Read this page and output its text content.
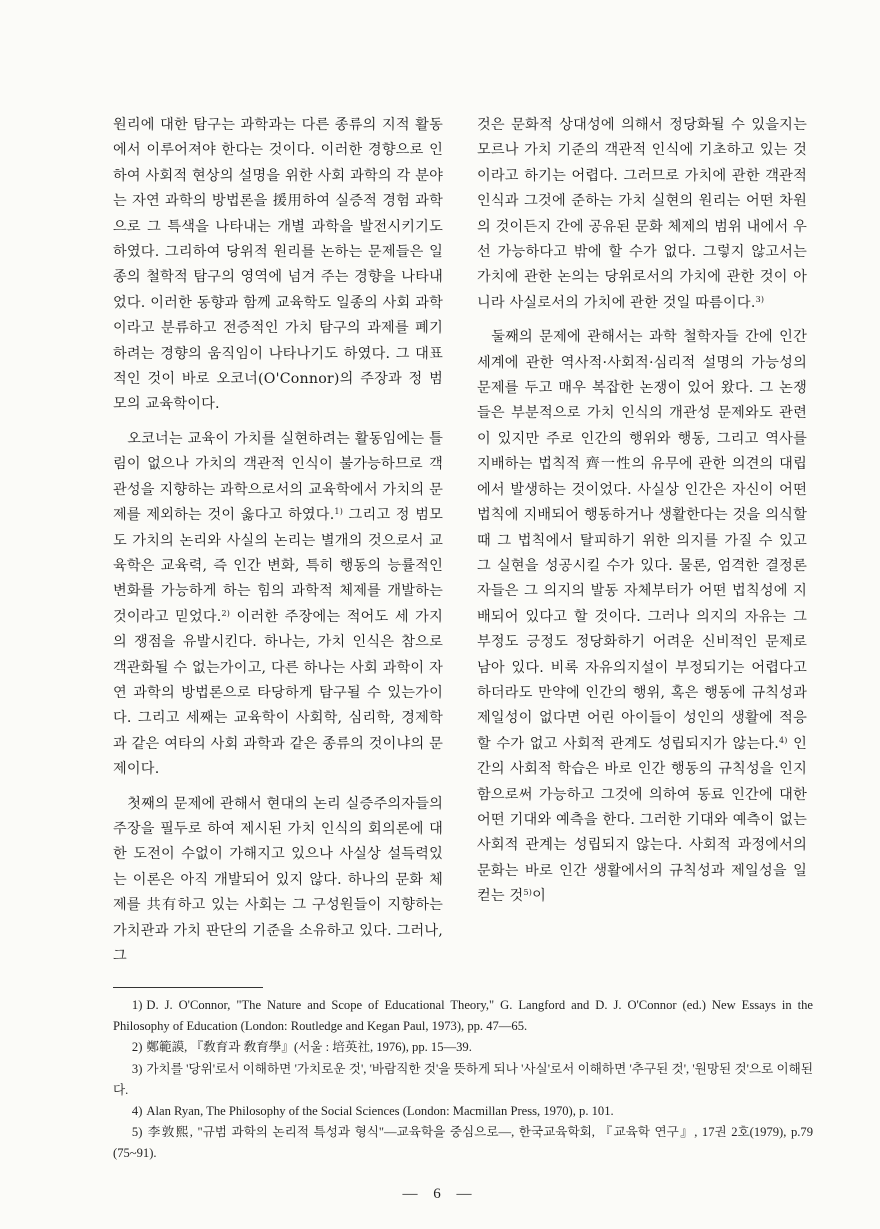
원리에 대한 탐구는 과학과는 다른 종류의 지적 활동에서 이루어져야 한다는 것이다. 이러한 경향으로 인하여 사회적 현상의 설명을 위한 사회 과학의 각 분야는 자연 과학의 방법론을 援用하여 실증적 경험 과학으로 그 특색을 나타내는 개별 과학을 발전시키기도 하였다. 그리하여 당위적 원리를 논하는 문제들은 일종의 철학적 탐구의 영역에 넘겨 주는 경향을 나타내었다. 이러한 동향과 함께 교육학도 일종의 사회 과학이라고 분류하고 전증적인 가치 탐구의 과제를 폐기하려는 경향의 움직임이 나타나기도 하였다. 그 대표적인 것이 바로 오코너(O'Connor)의 주장과 정 범모의 교육학이다.

오코너는 교육이 가치를 실현하려는 활동임에는 틀림이 없으나 가치의 객관적 인식이 불가능하므로 객관성을 지향하는 과학으로서의 교육학에서 가치의 문제를 제외하는 것이 옳다고 하였다.$^{1)}$ 그리고 정 범모도 가치의 논리와 사실의 논리는 별개의 것으로서 교육학은 교육력, 즉 인간 변화, 특히 행동의 능률적인 변화를 가능하게 하는 힘의 과학적 체제를 개발하는 것이라고 믿었다.$^{2)}$ 이러한 주장에는 적어도 세 가지의 쟁점을 유발시킨다. 하나는, 가치 인식은 참으로 객관화될 수 없는가이고, 다른 하나는 사회 과학이 자연 과학의 방법론으로 타당하게 탐구될 수 있는가이다. 그리고 세째는 교육학이 사회학, 심리학, 경제학과 같은 여타의 사회 과학과 같은 종류의 것이냐의 문제이다.

첫째의 문제에 관해서 현대의 논리 실증주의자들의 주장을 필두로 하여 제시된 가치 인식의 회의론에 대한 도전이 수없이 가해지고 있으나 사실상 설득력있는 이론은 아직 개발되어 있지 않다. 하나의 문화 체제를 共有하고 있는 사회는 그 구성원들이 지향하는 가치관과 가치 판단의 기준을 소유하고 있다. 그러나, 그

것은 문화적 상대성에 의해서 정당화될 수 있을지는 모르나 가치 기준의 객관적 인식에 기초하고 있는 것이라고 하기는 어렵다. 그러므로 가치에 관한 객관적 인식과 그것에 준하는 가치 실현의 원리는 어떤 차원의 것이든지 간에 공유된 문화 체제의 범위 내에서 우선 가능하다고 밖에 할 수가 없다. 그렇지 않고서는 가치에 관한 논의는 당위로서의 가치에 관한 것이 아니라 사실로서의 가치에 관한 것일 따름이다.$^{3)}$

둘째의 문제에 관해서는 과학 철학자들 간에 인간 세계에 관한 역사적·사회적·심리적 설명의 가능성의 문제를 두고 매우 복잡한 논쟁이 있어 왔다. 그 논쟁들은 부분적으로 가치 인식의 개관성 문제와도 관련이 있지만 주로 인간의 행위와 행동, 그리고 역사를 지배하는 법칙적 齊一性의 유무에 관한 의견의 대립에서 발생하는 것이었다. 사실상 인간은 자신이 어떤 법칙에 지배되어 행동하거나 생활한다는 것을 의식할 때 그 법칙에서 탈피하기 위한 의지를 가질 수 있고 그 실현을 성공시킬 수가 있다. 물론, 엄격한 결정론자들은 그 의지의 발동 자체부터가 어떤 법칙성에 지배되어 있다고 할 것이다. 그러나 의지의 자유는 그 부정도 긍정도 정당화하기 어려운 신비적인 문제로 남아 있다. 비록 자유의지설이 부정되기는 어렵다고 하더라도 만약에 인간의 행위, 혹은 행동에 규칙성과 제일성이 없다면 어린 아이들이 성인의 생활에 적응할 수가 없고 사회적 관계도 성립되지가 않는다.$^{4)}$ 인간의 사회적 학습은 바로 인간 행동의 규칙성을 인지함으로써 가능하고 그것에 의하여 동료 인간에 대한 어떤 기대와 예측을 한다. 그러한 기대와 예측이 없는 사회적 관계는 성립되지 않는다. 사회적 과정에서의 문화는 바로 인간 생활에서의 규칙성과 제일성을 일컫는 것$^{5)}$이

1) D. J. O'Connor, "The Nature and Scope of Educational Theory," G. Langford and D. J. O'Connor (ed.) New Essays in the Philosophy of Education (London: Routledge and Kegan Paul, 1973), pp. 47—65.

2) 鄭範謨, 『敎育과 敎育學』(서울 : 培英社, 1976), pp. 15—39.

3) 가치를 '당위'로서 이해하면 '가치로운 것', '바람직한 것'을 뜻하게 되나 '사실'로서 이해하면 '추구된 것', '원망된 것'으로 이해된다.

4) Alan Ryan, The Philosophy of the Social Sciences (London: Macmillan Press, 1970), p. 101.

5) 李敦熙, "규범 과학의 논리적 특성과 형식"—교육학을 중심으로—, 한국교육학회, 『교육학 연구』, 17권 2호(1979), p.79 (75~91).

— 6 —
